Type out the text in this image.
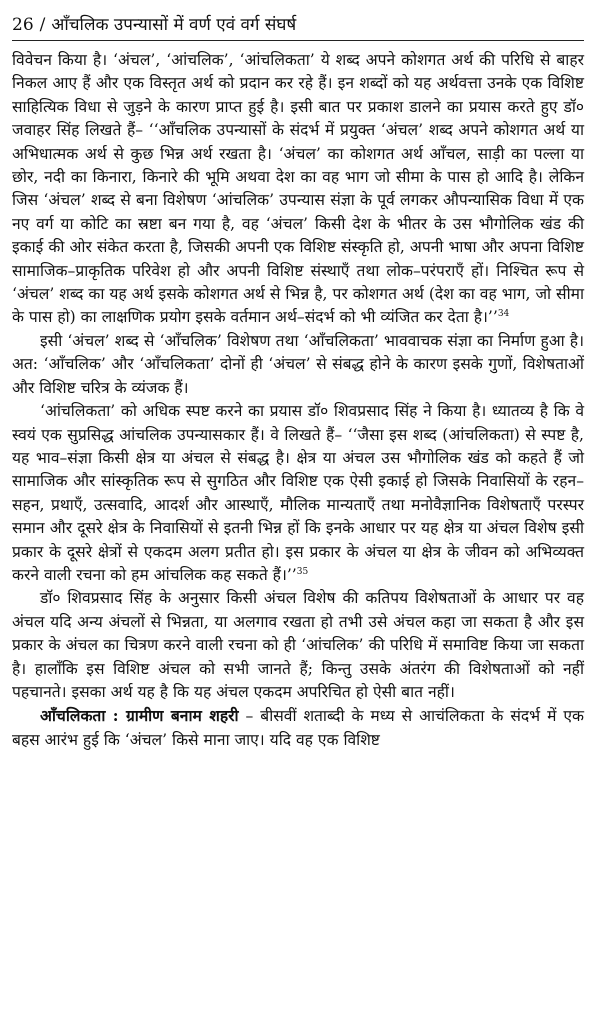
26 / आँचलिक उपन्यासों में वर्ण एवं वर्ग संघर्ष

विवेचन किया है। ‘अंचल’, ‘आंचलिक’, ‘आंचलिकता’ ये शब्द अपने कोशगत अर्थ की परिधि से बाहर निकल आए हैं और एक विस्तृत अर्थ को प्रदान कर रहे हैं। इन शब्दों को यह अर्थवत्ता उनके एक विशिष्ट साहित्यिक विधा से जुड़ने के कारण प्राप्त हुई है। इसी बात पर प्रकाश डालने का प्रयास करते हुए डॉ० जवाहर सिंह लिखते हैं– ‘‘आँचलिक उपन्यासों के संदर्भ में प्रयुक्त ‘अंचल’ शब्द अपने कोशगत अर्थ या अभिधात्मक अर्थ से कुछ भिन्न अर्थ रखता है। ‘अंचल’ का कोशगत अर्थ आँचल, साड़ी का पल्ला या छोर, नदी का किनारा, किनारे की भूमि अथवा देश का वह भाग जो सीमा के पास हो आदि है। लेकिन जिस ‘अंचल’ शब्द से बना विशेषण ‘आंचलिक’ उपन्यास संज्ञा के पूर्व लगकर औपन्यासिक विधा में एक नए वर्ग या कोटि का स्रष्टा बन गया है, वह ‘अंचल’ किसी देश के भीतर के उस भौगोलिक खंड की इकाई की ओर संकेत करता है, जिसकी अपनी एक विशिष्ट संस्कृति हो, अपनी भाषा और अपना विशिष्ट सामाजिक–प्राकृतिक परिवेश हो और अपनी विशिष्ट संस्थाएँ तथा लोक–परंपराएँ हों। निश्चित रूप से ‘अंचल’ शब्द का यह अर्थ इसके कोशगत अर्थ से भिन्न है, पर कोशगत अर्थ (देश का वह भाग, जो सीमा के पास हो) का लाक्षणिक प्रयोग इसके वर्तमान अर्थ–संदर्भ को भी व्यंजित कर देता है।’’$^{34}$

इसी ‘अंचल’ शब्द से ‘आँचलिक’ विशेषण तथा ‘आँचलिकता’ भाववाचक संज्ञा का निर्माण हुआ है। अत: ‘आँचलिक’ और ‘आँचलिकता’ दोनों ही ‘अंचल’ से संबद्ध होने के कारण इसके गुणों, विशेषताओं और विशिष्ट चरित्र के व्यंजक हैं।

‘आंचलिकता’ को अधिक स्पष्ट करने का प्रयास डॉ० शिवप्रसाद सिंह ने किया है। ध्यातव्य है कि वे स्वयं एक सुप्रसिद्ध आंचलिक उपन्यासकार हैं। वे लिखते हैं– ‘‘जैसा इस शब्द (आंचलिकता) से स्पष्ट है, यह भाव–संज्ञा किसी क्षेत्र या अंचल से संबद्ध है। क्षेत्र या अंचल उस भौगोलिक खंड को कहते हैं जो सामाजिक और सांस्कृतिक रूप से सुगठित और विशिष्ट एक ऐसी इकाई हो जिसके निवासियों के रहन–सहन, प्रथाएँ, उत्सवादि, आदर्श और आस्थाएँ, मौलिक मान्यताएँ तथा मनोवैज्ञानिक विशेषताएँ परस्पर समान और दूसरे क्षेत्र के निवासियों से इतनी भिन्न हों कि इनके आधार पर यह क्षेत्र या अंचल विशेष इसी प्रकार के दूसरे क्षेत्रों से एकदम अलग प्रतीत हो। इस प्रकार के अंचल या क्षेत्र के जीवन को अभिव्यक्त करने वाली रचना को हम आंचलिक कह सकते हैं।’’$^{35}$

डॉ० शिवप्रसाद सिंह के अनुसार किसी अंचल विशेष की कतिपय विशेषताओं के आधार पर वह अंचल यदि अन्य अंचलों से भिन्नता, या अलगाव रखता हो तभी उसे अंचल कहा जा सकता है और इस प्रकार के अंचल का चित्रण करने वाली रचना को ही ‘आंचलिक’ की परिधि में समाविष्ट किया जा सकता है। हालाँकि इस विशिष्ट अंचल को सभी जानते हैं; किन्तु उसके अंतरंग की विशेषताओं को नहीं पहचानते। इसका अर्थ यह है कि यह अंचल एकदम अपरिचित हो ऐसी बात नहीं।

आँचलिकता : ग्रामीण बनाम शहरी – बीसवीं शताब्दी के मध्य से आचंलिकता के संदर्भ में एक बहस आरंभ हुई कि ‘अंचल’ किसे माना जाए। यदि वह एक विशिष्ट
